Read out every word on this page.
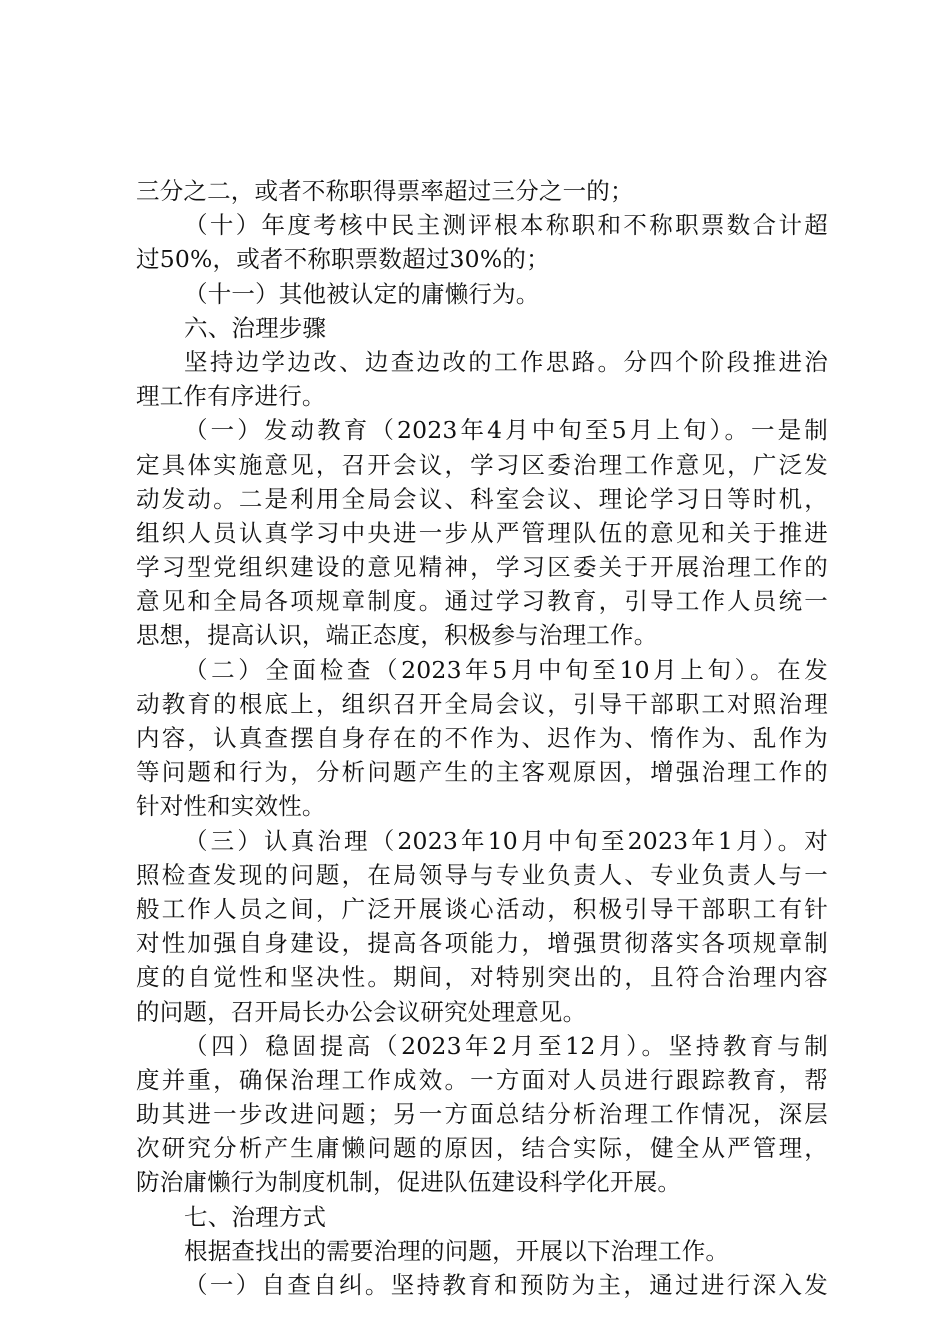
三分之二，或者不称职得票率超过三分之一的；
（十）年度考核中民主测评根本称职和不称职票数合计超
过50%，或者不称职票数超过30%的；
（十一）其他被认定的庸懒行为。
六、治理步骤
坚持边学边改、边查边改的工作思路。分四个阶段推进治
理工作有序进行。
（一）发动教育（2023年4月中旬至5月上旬）。一是制
定具体实施意见，召开会议，学习区委治理工作意见，广泛发
动发动。二是利用全局会议、科室会议、理论学习日等时机，
组织人员认真学习中央进一步从严管理队伍的意见和关于推进
学习型党组织建设的意见精神，学习区委关于开展治理工作的
意见和全局各项规章制度。通过学习教育，引导工作人员统一
思想，提高认识，端正态度，积极参与治理工作。
（二）全面检查（2023年5月中旬至10月上旬）。在发
动教育的根底上，组织召开全局会议，引导干部职工对照治理
内容，认真查摆自身存在的不作为、迟作为、惰作为、乱作为
等问题和行为，分析问题产生的主客观原因，增强治理工作的
针对性和实效性。
（三）认真治理（2023年10月中旬至2023年1月）。对
照检查发现的问题，在局领导与专业负责人、专业负责人与一
般工作人员之间，广泛开展谈心活动，积极引导干部职工有针
对性加强自身建设，提高各项能力，增强贯彻落实各项规章制
度的自觉性和坚决性。期间，对特别突出的，且符合治理内容
的问题，召开局长办公会议研究处理意见。
（四）稳固提高（2023年2月至12月）。坚持教育与制
度并重，确保治理工作成效。一方面对人员进行跟踪教育，帮
助其进一步改进问题；另一方面总结分析治理工作情况，深层
次研究分析产生庸懒问题的原因，结合实际，健全从严管理，
防治庸懒行为制度机制，促进队伍建设科学化开展。
七、治理方式
根据查找出的需要治理的问题，开展以下治理工作。
（一）自查自纠。坚持教育和预防为主，通过进行深入发
